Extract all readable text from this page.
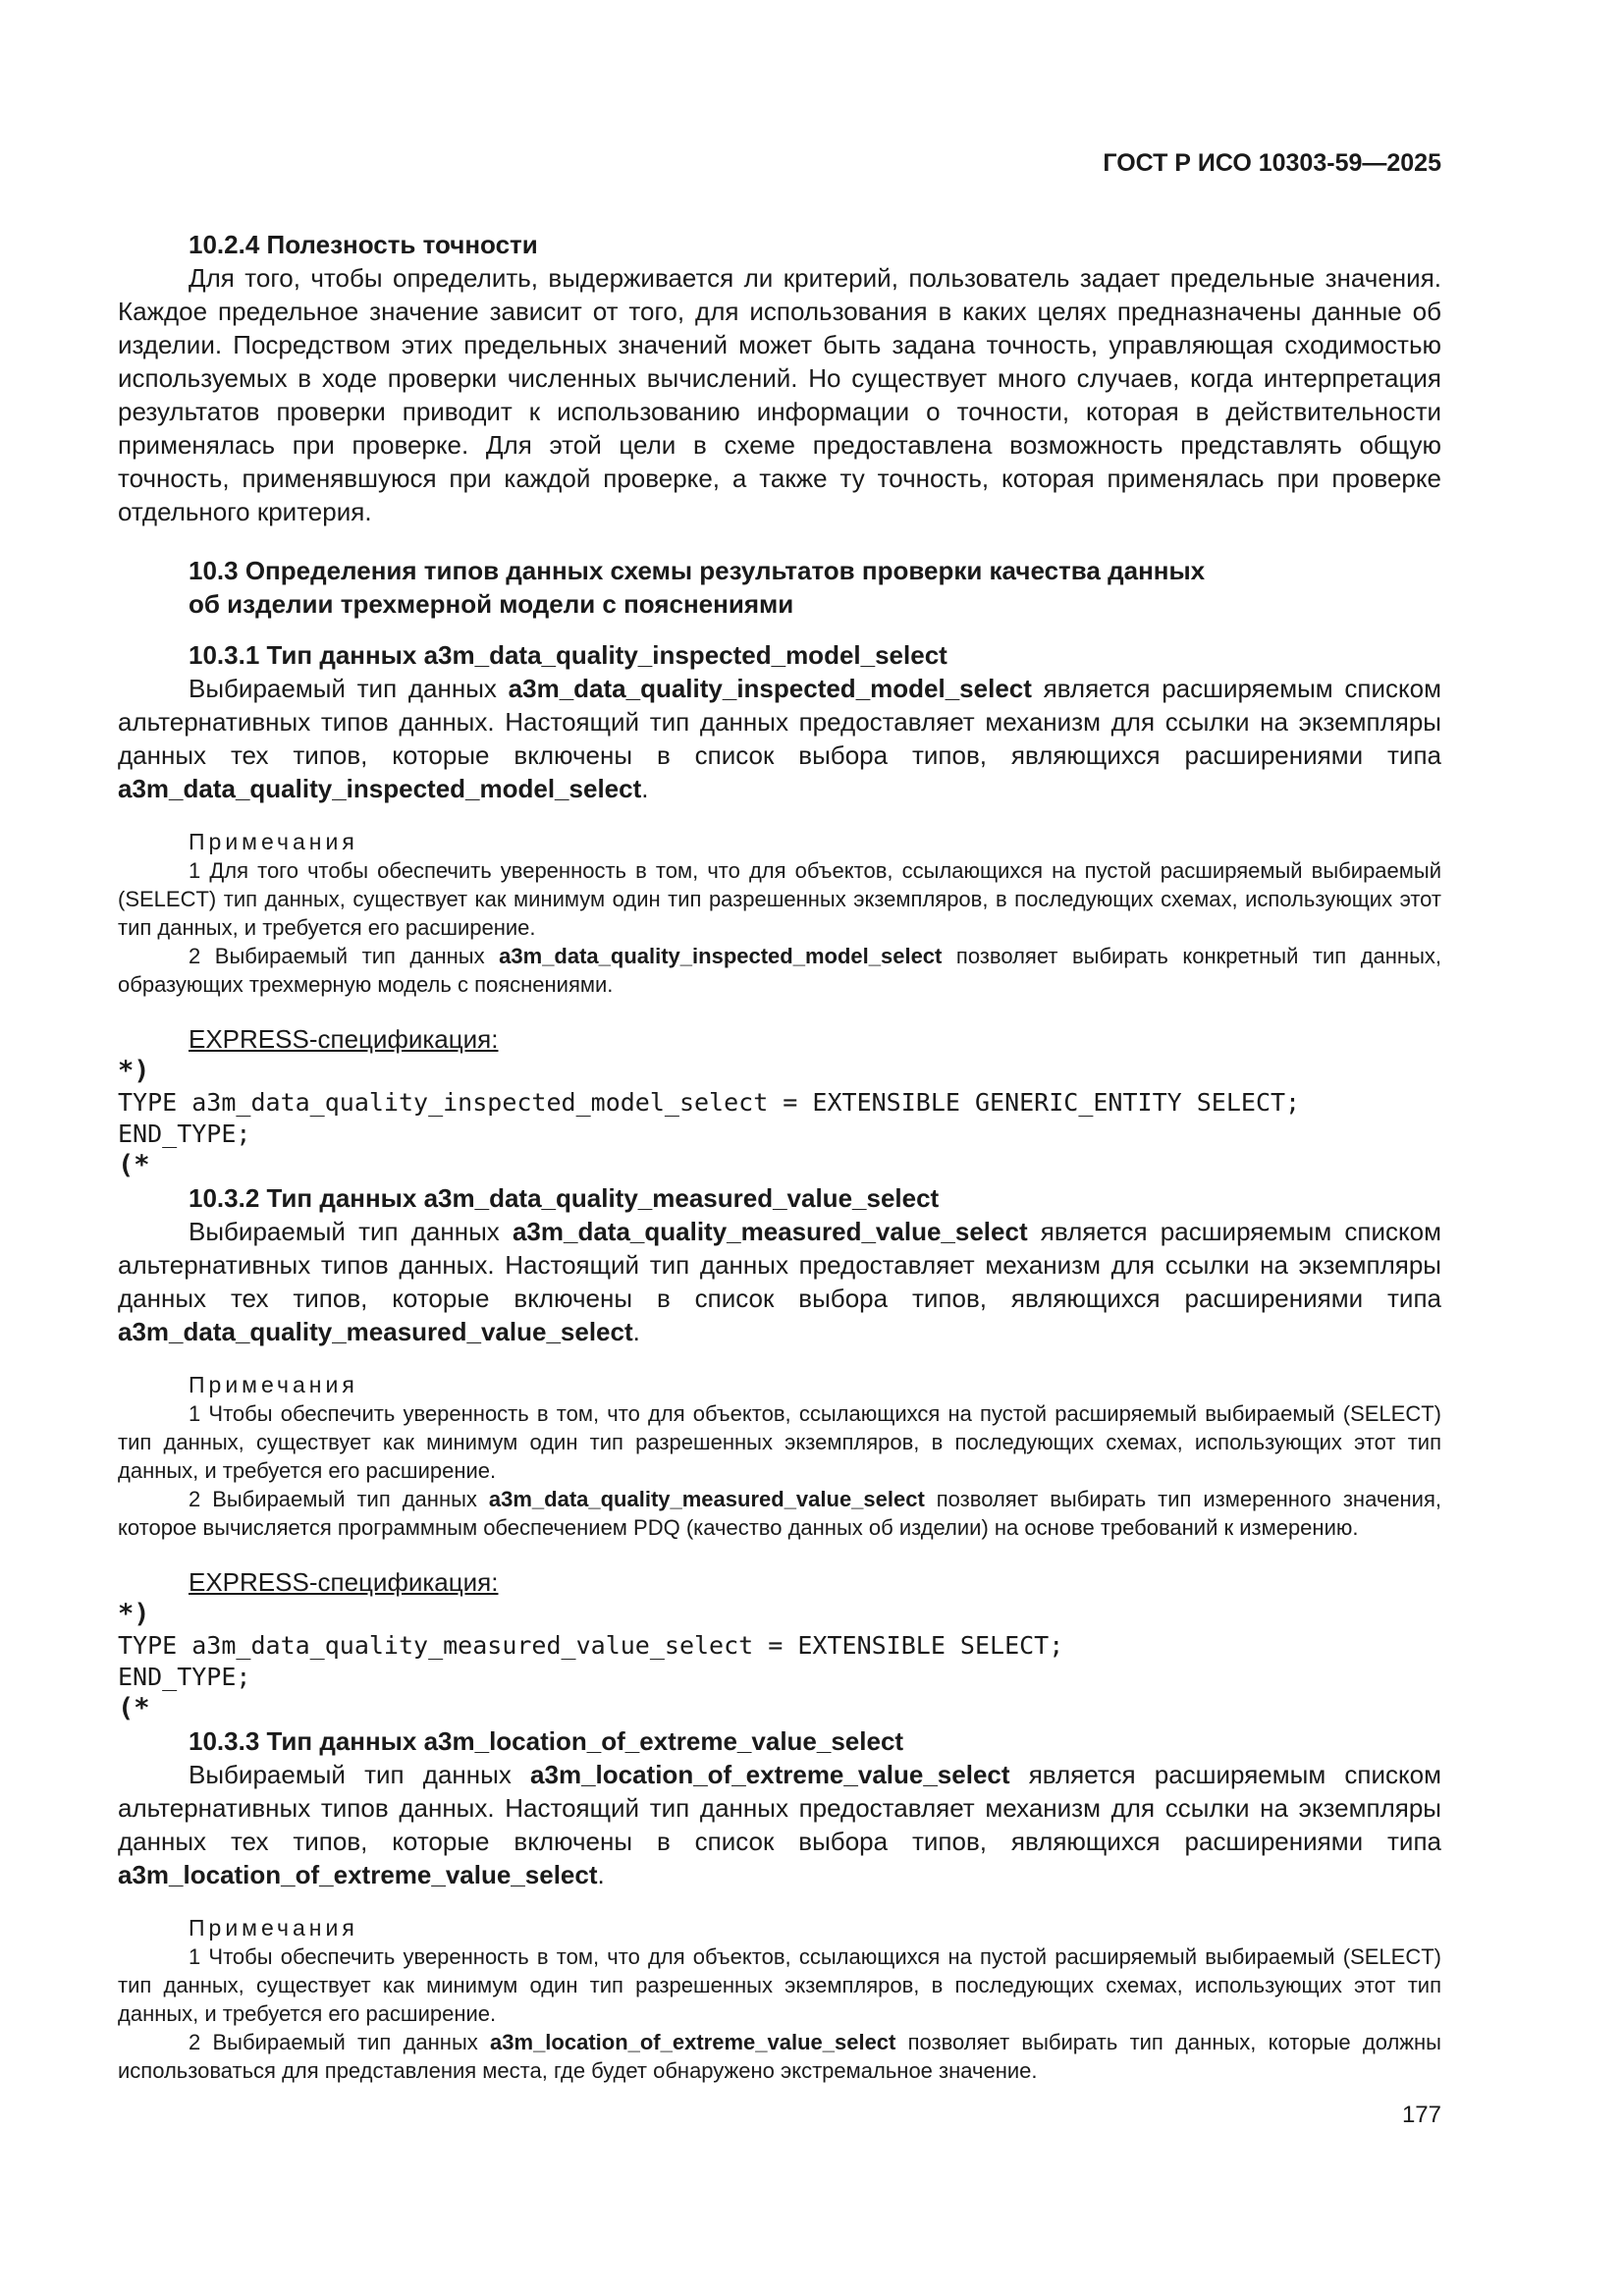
ГОСТ Р ИСО 10303-59—2025

10.2.4 Полезность точности

Для того, чтобы определить, выдерживается ли критерий, пользователь задает предельные значения. Каждое предельное значение зависит от того, для использования в каких целях предназначены данные об изделии. Посредством этих предельных значений может быть задана точность, управляющая сходимостью используемых в ходе проверки численных вычислений. Но существует много случаев, когда интерпретация результатов проверки приводит к использованию информации о точности, которая в действительности применялась при проверке. Для этой цели в схеме предоставлена возможность представлять общую точность, применявшуюся при каждой проверке, а также ту точность, которая применялась при проверке отдельного критерия.

10.3 Определения типов данных схемы результатов проверки качества данных
об изделии трехмерной модели с пояснениями

10.3.1 Тип данных a3m_data_quality_inspected_model_select

Выбираемый тип данных a3m_data_quality_inspected_model_select является расширяемым списком альтернативных типов данных. Настоящий тип данных предоставляет механизм для ссылки на экземпляры данных тех типов, которые включены в список выбора типов, являющихся расширениями типа a3m_data_quality_inspected_model_select.

Примечания

1 Для того чтобы обеспечить уверенность в том, что для объектов, ссылающихся на пустой расширяемый выбираемый (SELECT) тип данных, существует как минимум один тип разрешенных экземпляров, в последующих схемах, использующих этот тип данных, и требуется его расширение.

2 Выбираемый тип данных a3m_data_quality_inspected_model_select позволяет выбирать конкретный тип данных, образующих трехмерную модель с пояснениями.

EXPRESS-спецификация:

*)

TYPE a3m_data_quality_inspected_model_select = EXTENSIBLE GENERIC_ENTITY SELECT;

END_TYPE;

(*

10.3.2 Тип данных a3m_data_quality_measured_value_select

Выбираемый тип данных a3m_data_quality_measured_value_select является расширяемым списком альтернативных типов данных. Настоящий тип данных предоставляет механизм для ссылки на экземпляры данных тех типов, которые включены в список выбора типов, являющихся расширениями типа a3m_data_quality_measured_value_select.

Примечания

1 Чтобы обеспечить уверенность в том, что для объектов, ссылающихся на пустой расширяемый выбираемый (SELECT) тип данных, существует как минимум один тип разрешенных экземпляров, в последующих схемах, использующих этот тип данных, и требуется его расширение.

2 Выбираемый тип данных a3m_data_quality_measured_value_select позволяет выбирать тип измеренного значения, которое вычисляется программным обеспечением PDQ (качество данных об изделии) на основе требований к измерению.

EXPRESS-спецификация:

*)

TYPE a3m_data_quality_measured_value_select = EXTENSIBLE SELECT;

END_TYPE;

(*

10.3.3 Тип данных a3m_location_of_extreme_value_select

Выбираемый тип данных a3m_location_of_extreme_value_select является расширяемым списком альтернативных типов данных. Настоящий тип данных предоставляет механизм для ссылки на экземпляры данных тех типов, которые включены в список выбора типов, являющихся расширениями типа a3m_location_of_extreme_value_select.

Примечания

1 Чтобы обеспечить уверенность в том, что для объектов, ссылающихся на пустой расширяемый выбираемый (SELECT) тип данных, существует как минимум один тип разрешенных экземпляров, в последующих схемах, использующих этот тип данных, и требуется его расширение.

2 Выбираемый тип данных a3m_location_of_extreme_value_select позволяет выбирать тип данных, которые должны использоваться для представления места, где будет обнаружено экстремальное значение.

177
